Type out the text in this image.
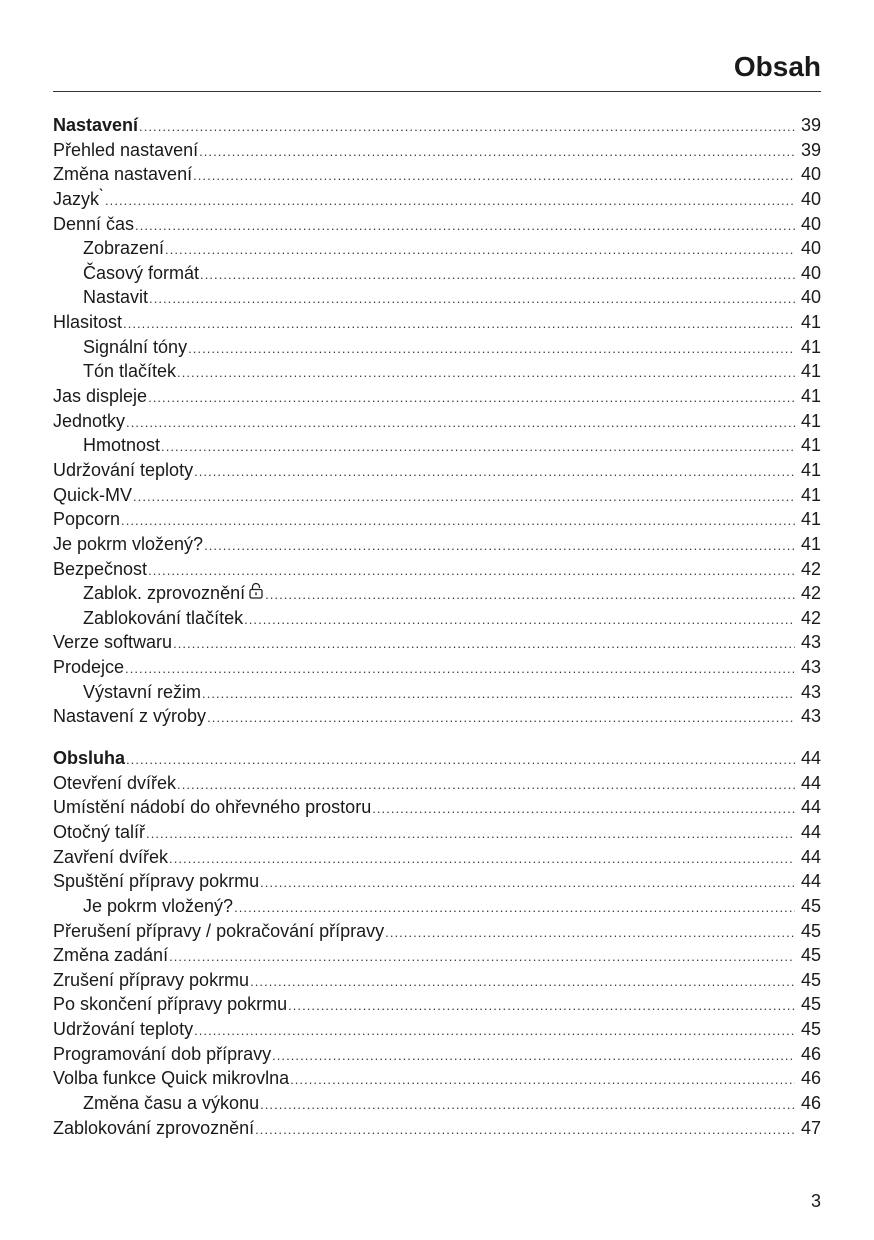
Obsah
Nastavení .....	39
Přehled nastavení .....	39
Změna nastavení .....	40
Jazyk ̀ .....	40
Denní čas .....	40
Zobrazení .....	40
Časový formát .....	40
Nastavit .....	40
Hlasitost .....	41
Signální tóny .....	41
Tón tlačítek .....	41
Jas displeje .....	41
Jednotky .....	41
Hmotnost .....	41
Udržování teploty .....	41
Quick-MV .....	41
Popcorn .....	41
Je pokrm vložený? .....	41
Bezpečnost .....	42
Zablok. zprovoznění .....	42
Zablokování tlačítek .....	42
Verze softwaru .....	43
Prodejce .....	43
Výstavní režim .....	43
Nastavení z výroby .....	43
Obsluha .....	44
Otevření dvířek .....	44
Umístění nádobí do ohřevného prostoru .....	44
Otočný talíř .....	44
Zavření dvířek .....	44
Spuštění přípravy pokrmu .....	44
Je pokrm vložený? .....	45
Přerušení přípravy / pokračování přípravy .....	45
Změna zadání .....	45
Zrušení přípravy pokrmu .....	45
Po skončení přípravy pokrmu .....	45
Udržování teploty .....	45
Programování dob přípravy .....	46
Volba funkce Quick mikrovlna .....	46
Změna času a výkonu .....	46
Zablokování zprovoznění .....	47
3
